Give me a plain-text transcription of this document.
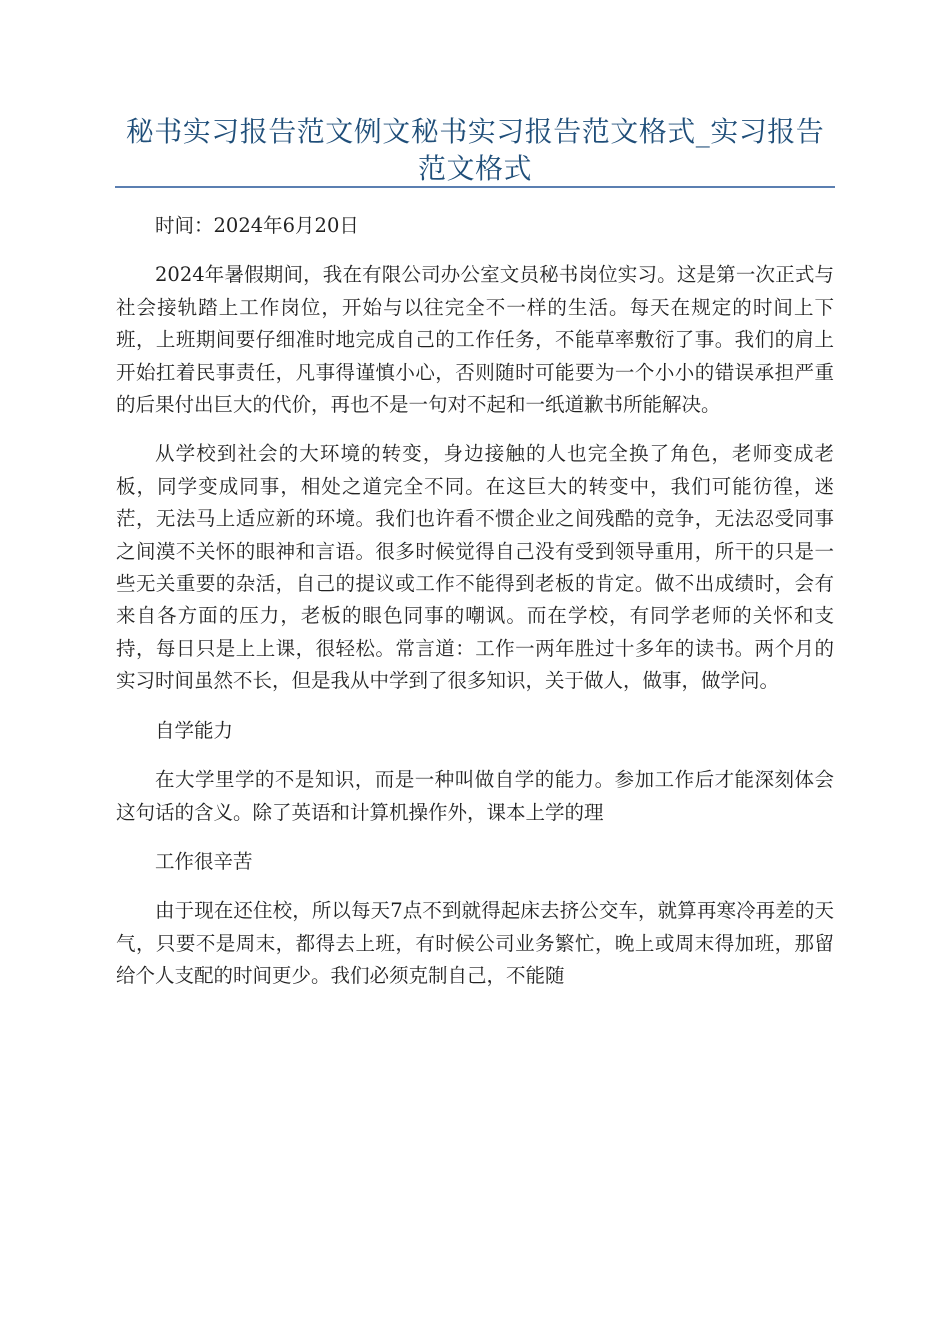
秘书实习报告范文例文秘书实习报告范文格式_实习报告范文格式

时间：2024年6月20日

2024年暑假期间，我在有限公司办公室文员秘书岗位实习。这是第一次正式与社会接轨踏上工作岗位，开始与以往完全不一样的生活。每天在规定的时间上下班，上班期间要仔细准时地完成自己的工作任务，不能草率敷衍了事。我们的肩上开始扛着民事责任，凡事得谨慎小心，否则随时可能要为一个小小的错误承担严重的后果付出巨大的代价，再也不是一句对不起和一纸道歉书所能解决。

从学校到社会的大环境的转变，身边接触的人也完全换了角色，老师变成老板，同学变成同事，相处之道完全不同。在这巨大的转变中，我们可能彷徨，迷茫，无法马上适应新的环境。我们也许看不惯企业之间残酷的竞争，无法忍受同事之间漠不关怀的眼神和言语。很多时候觉得自己没有受到领导重用，所干的只是一些无关重要的杂活，自己的提议或工作不能得到老板的肯定。做不出成绩时，会有来自各方面的压力，老板的眼色同事的嘲讽。而在学校，有同学老师的关怀和支持，每日只是上上课，很轻松。常言道：工作一两年胜过十多年的读书。两个月的实习时间虽然不长，但是我从中学到了很多知识，关于做人，做事，做学问。

自学能力

在大学里学的不是知识，而是一种叫做自学的能力。参加工作后才能深刻体会这句话的含义。除了英语和计算机操作外，课本上学的理

工作很辛苦

由于现在还住校，所以每天7点不到就得起床去挤公交车，就算再寒冷再差的天气，只要不是周末，都得去上班，有时候公司业务繁忙，晚上或周末得加班，那留给个人支配的时间更少。我们必须克制自己，不能随
